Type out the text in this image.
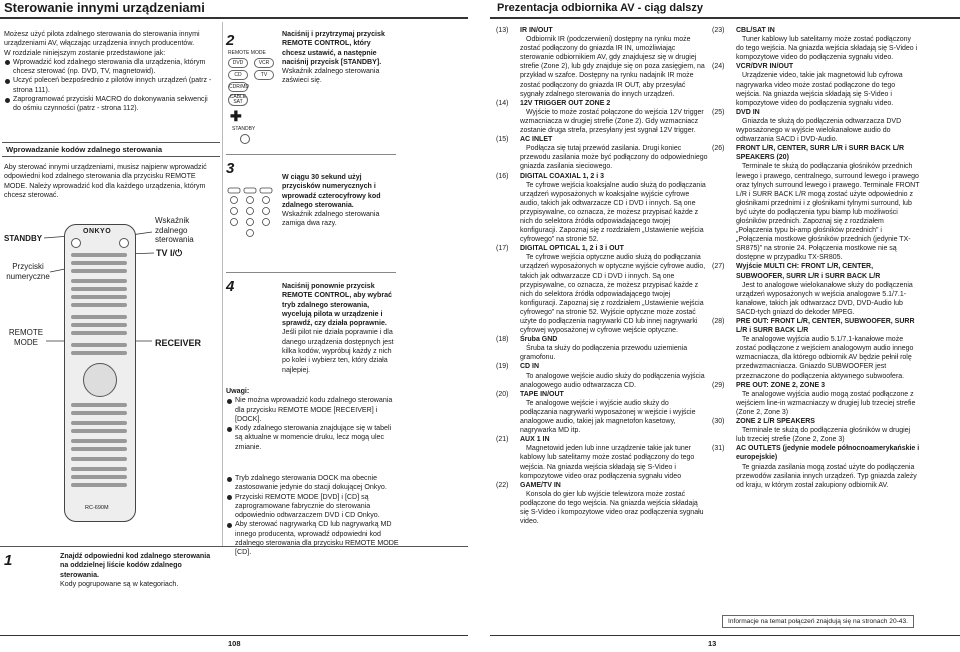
Sterowanie innymi urządzeniami	Prezentacja odbiornika AV - ciąg dalszy

Możesz użyć pilota zdalnego sterowania do sterowania innymi urządzeniami AV, włączając urządzenia innych producentów.

W rozdziale niniejszym zostanie przedstawione jak:

Wprowadzić kod zdalnego sterowania dla urządzenia, którym chcesz sterować (np. DVD, TV, magnetowid).
Uczyć poleceń bezpośrednio z pilotów innych urządzeń (patrz - strona 111).
Zaprogramować przyciski MACRO do dokonywania sekwencji do ośmiu czynności (patrz - strona 112).
Wprowadzanie kodów zdalnego sterowania

Aby sterować innymi urządzeniami, musisz najpierw wprowadzić odpowiedni kod zdalnego sterowania dla przycisku REMOTE MODE. Należy wprowadzić kod dla każdego urządzenia, którym chcesz sterować.

STANDBY
Przyciski numeryczne
REMOTE MODE
Wskaźnik zdalnego sterowania
TV I/⏻
RECEIVER
ONKYO
RC-690M
1	Znajdź odpowiedni kod zdalnego sterowania na oddzielnej liście kodów zdalnego sterowania.

Kody pogrupowane są w kategoriach.

2
REMOTE MODE
DVD	VCR
CD	TV
CDR/MD
CABLE SAT
✚
STANDBY

Naciśnij i przytrzymaj przycisk REMOTE CONTROL, który chcesz ustawić, a następnie naciśnij przycisk [STANDBY].

Wskaźnik zdalnego sterowania zaświeci się.

3	W ciągu 30 sekund użyj przycisków numerycznych i wprowadź czterocyfrowy kod zdalnego sterowania.

Wskaźnik zdalnego sterowania zamiga dwa razy.

4	Naciśnij ponownie przycisk REMOTE CONTROL, aby wybrać tryb zdalnego sterowania, wycelują pilota w urządzenie i sprawdź, czy działa poprawnie.

Jeśli pilot nie działa poprawnie i dla danego urządzenia dostępnych jest kilka kodów, wypróbuj każdy z nich po kolei i wybierz ten, który działa najlepiej.

Uwagi:

Nie można wprowadzić kodu zdalnego sterowania dla przycisku REMOTE MODE [RECEIVER] i [DOCK].
Kody zdalnego sterowania znajdujące się w tabeli są aktualne w momencie druku, lecz mogą ulec zmianie.
Tryb zdalnego sterowania DOCK ma obecnie zastosowanie jedynie do stacji dokującej Onkyo.
Przyciski REMOTE MODE [DVD] i [CD] są zaprogramowane fabrycznie do sterowania odpowiednio odtwarzaczem DVD i CD Onkyo.
Aby sterować nagrywarką CD lub nagrywarką MD innego producenta, wprowadź odpowiedni kod zdalnego sterowania dla przycisku REMOTE MODE [CD].
(13) IR IN/OUT
Odbiornik IR (podczerwieni) dostępny na rynku może zostać podłączony do gniazda IR IN, umożliwiając sterowanie odbiornikiem AV, gdy znajdujesz się w drugiej strefie (Zone 2), lub gdy znajduje się on poza zasięgiem, na przykład w szafce. Dostępny na rynku nadajnik IR może zostać podłączony do gniazda IR OUT, aby przesyłać sygnały zdalnego sterowania do innych urządzeń.
(14) 12V TRIGGER OUT ZONE 2
Wyjście to może zostać połączone do wejścia 12V trigger wzmacniacza w drugiej strefie (Zone 2). Gdy wzmacniacz zostanie druga strefa, przesyłany jest sygnał 12V trigger.
(15) AC INLET
Podłącza się tutaj przewód zasilania. Drugi koniec przewodu zasilania może być podłączony do odpowiedniego gniazda zasilania sieciowego.
(16) DIGITAL COAXIAL 1, 2 i 3
Te cyfrowe wejścia koaksjalne audio służą do podłączania urządzeń wyposażonych w koaksjalne wyjście cyfrowe audio, takich jak odtwarzacze CD i DVD i innych. Są one przypisywalne, co oznacza, że możesz przypisać każde z nich do selektora źródła odpowiadającego twojej konfiguracji. Zapoznaj się z rozdziałem „Ustawienie wejścia cyfrowego” na stronie 52.
(17) DIGITAL OPTICAL 1, 2 i 3 i OUT
Te cyfrowe wejścia optyczne audio służą do podłączania urządzeń wyposażonych w optyczne wyjście cyfrowe audio, takich jak odtwarzacze CD i DVD i innych. Są one przypisywalne, co oznacza, że możesz przypisać każde z nich do selektora źródła odpowiadającego twojej konfiguracji. Zapoznaj się z rozdziałem „Ustawienie wejścia cyfrowego” na stronie 52. Wyjście optyczne może zostać użyte do podłączenia nagrywarki CD lub innej nagrywarki cyfrowej wyposażonej w cyfrowe wejście optyczne.
(18) Śruba GND
Śruba ta służy do podłączenia przewodu uziemienia gramofonu.
(19) CD IN
To analogowe wejście audio służy do podłączenia wyjścia analogowego audio odtwarzacza CD.
(20) TAPE IN/OUT
Te analogowe wejście i wyjście audio służy do podłączania nagrywarki wyposażonej w wejście i wyjście analogowe audio, takiej jak magnetofon kasetowy, nagrywarka MD itp.
(21) AUX 1 IN
Magnetowid jeden lub inne urządzenie takie jak tuner kablowy lub satelitarny może zostać podłączony do tego wejścia. Na gniazda wejścia składają się S-Video i kompozytowe video oraz podłączenia sygnału video
(22) GAME/TV IN
Konsola do gier lub wyjście telewizora może zostać podłączone do tego wejścia. Na gniazda wejścia składają się S-Video i kompozytowe video oraz podłączenia sygnału video.
(23) CBL/SAT IN
Tuner kablowy lub satelitarny może zostać podłączony do tego wejścia. Na gniazda wejścia składają się S-Video i kompozytowe video do podłączenia sygnału video.
(24) VCR/DVR IN/OUT
Urządzenie video, takie jak magnetowid lub cyfrowa nagrywarka video może zostać podłączone do tego wejścia. Na gniazda wejścia składają się S-Video i kompozytowe video do podłączenia sygnału video.
(25) DVD IN
Gniazda te służą do podłączenia odtwarzacza DVD wyposażonego w wyjście wielokanałowe audio do odtwarzania SACD i DVD-Audio.
(26) FRONT L/R, CENTER, SURR L/R i SURR BACK L/R SPEAKERS (20)
Terminale te służą do podłączania głośników przednich lewego i prawego, centralnego, surround lewego i prawego oraz tylnych surround lewego i prawego. Terminale FRONT L/R i SURR BACK L/R mogą zostać użyte odpowiednio z głośnikami przednimi i z głośnikami tylnymi surround, lub być użyte do podłączenia typu biamp lub możliwości głośników przednich. Zapoznaj się z rozdziałem „Połączenia typu bi-amp głośników przednich” i „Połączenia mostkowe głośników przednich (jedynie TX-SR875)” na stronie 24. Połączenia mostkowe nie są dostępne w przypadku TX-SR805.
(27) Wyjście MULTI CH: FRONT L/R, CENTER, SUBWOOFER, SURR L/R i SURR BACK L/R
Jest to analogowe wielokanałowe służy do podłączenia urządzeń wyposażonych w wejścia analogowe 5.1/7.1-kanałowe, takich jak odtwarzacz DVD, DVD-Audio lub SACD-tych gniazd do dekoder MPEG.
(28) PRE OUT: FRONT L/R, CENTER, SUBWOOFER, SURR L/R i SURR BACK L/R
Te analogowe wyjścia audio 5.1/7.1-kanałowe może zostać podłączone z wejściem analogowym audio innego wzmacniacza, dla którego odbiornik AV będzie pełnił rolę przedwzmacniacza. Gniazdo SUBWOOFER jest przeznaczone do podłączenia aktywnego subwoofera.
(29) PRE OUT: ZONE 2, ZONE 3
Te analogowe wyjścia audio mogą zostać podłączone z wejściem line-in wzmacniaczy w drugiej lub trzeciej strefie (Zone 2, Zone 3)
(30) ZONE 2 L/R SPEAKERS
Terminale te służą do podłączenia głośników w drugiej lub trzeciej strefie (Zone 2, Zone 3)
(31) AC OUTLETS (jedynie modele północnoamerykańskie i europejskie)
Te gniazda zasilania mogą zostać użyte do podłączenia przewodów zasilania innych urządzeń. Typ gniazda zależy od kraju, w którym został zakupiony odbiornik AV.
Informacje na temat połączeń znajdują się na stronach 20-43.
108	13
